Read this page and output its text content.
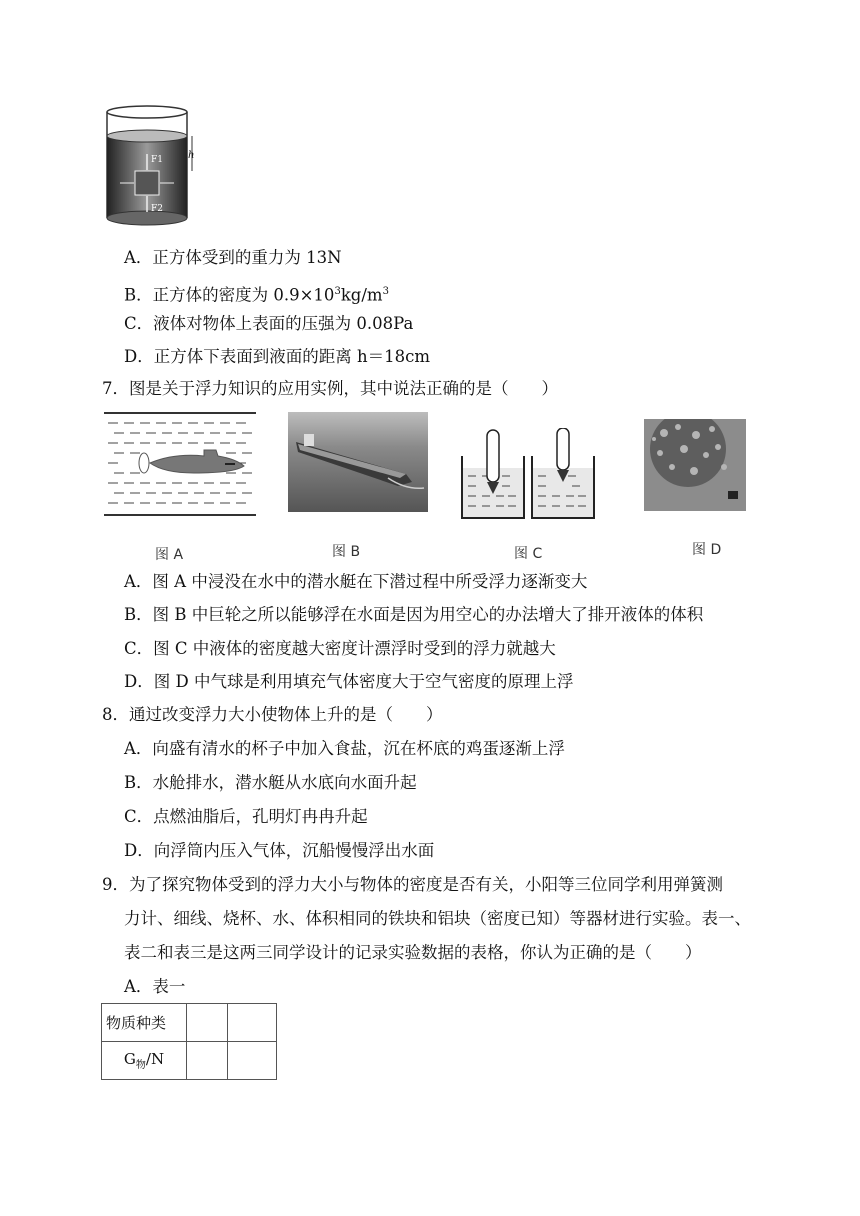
F1
F2
h
A．正方体受到的重力为 13N
B．正方体的密度为 $0.9\times 10^3kg/m^3$
C．液体对物体上表面的压强为 0.08Pa
D．正方体下表面到液面的距离 h＝18cm
7．图是关于浮力知识的应用实例，其中说法正确的是（　　）
图 A	图 B	图 C	图 D
A．图 A 中浸没在水中的潜水艇在下潜过程中所受浮力逐渐变大
B．图 B 中巨轮之所以能够浮在水面是因为用空心的办法增大了排开液体的体积
C．图 C 中液体的密度越大密度计漂浮时受到的浮力就越大
D．图 D 中气球是利用填充气体密度大于空气密度的原理上浮
8．通过改变浮力大小使物体上升的是（　　）
A．向盛有清水的杯子中加入食盐，沉在杯底的鸡蛋逐渐上浮
B．水舱排水，潜水艇从水底向水面升起
C．点燃油脂后，孔明灯冉冉升起
D．向浮筒内压入气体，沉船慢慢浮出水面
9．为了探究物体受到的浮力大小与物体的密度是否有关，小阳等三位同学利用弹簧测
力计、细线、烧杯、水、体积相同的铁块和铝块（密度已知）等器材进行实验。表一、
表二和表三是这两三同学设计的记录实验数据的表格，你认为正确的是（　　）
A．表一
物质种类		
$G_物/N$		
